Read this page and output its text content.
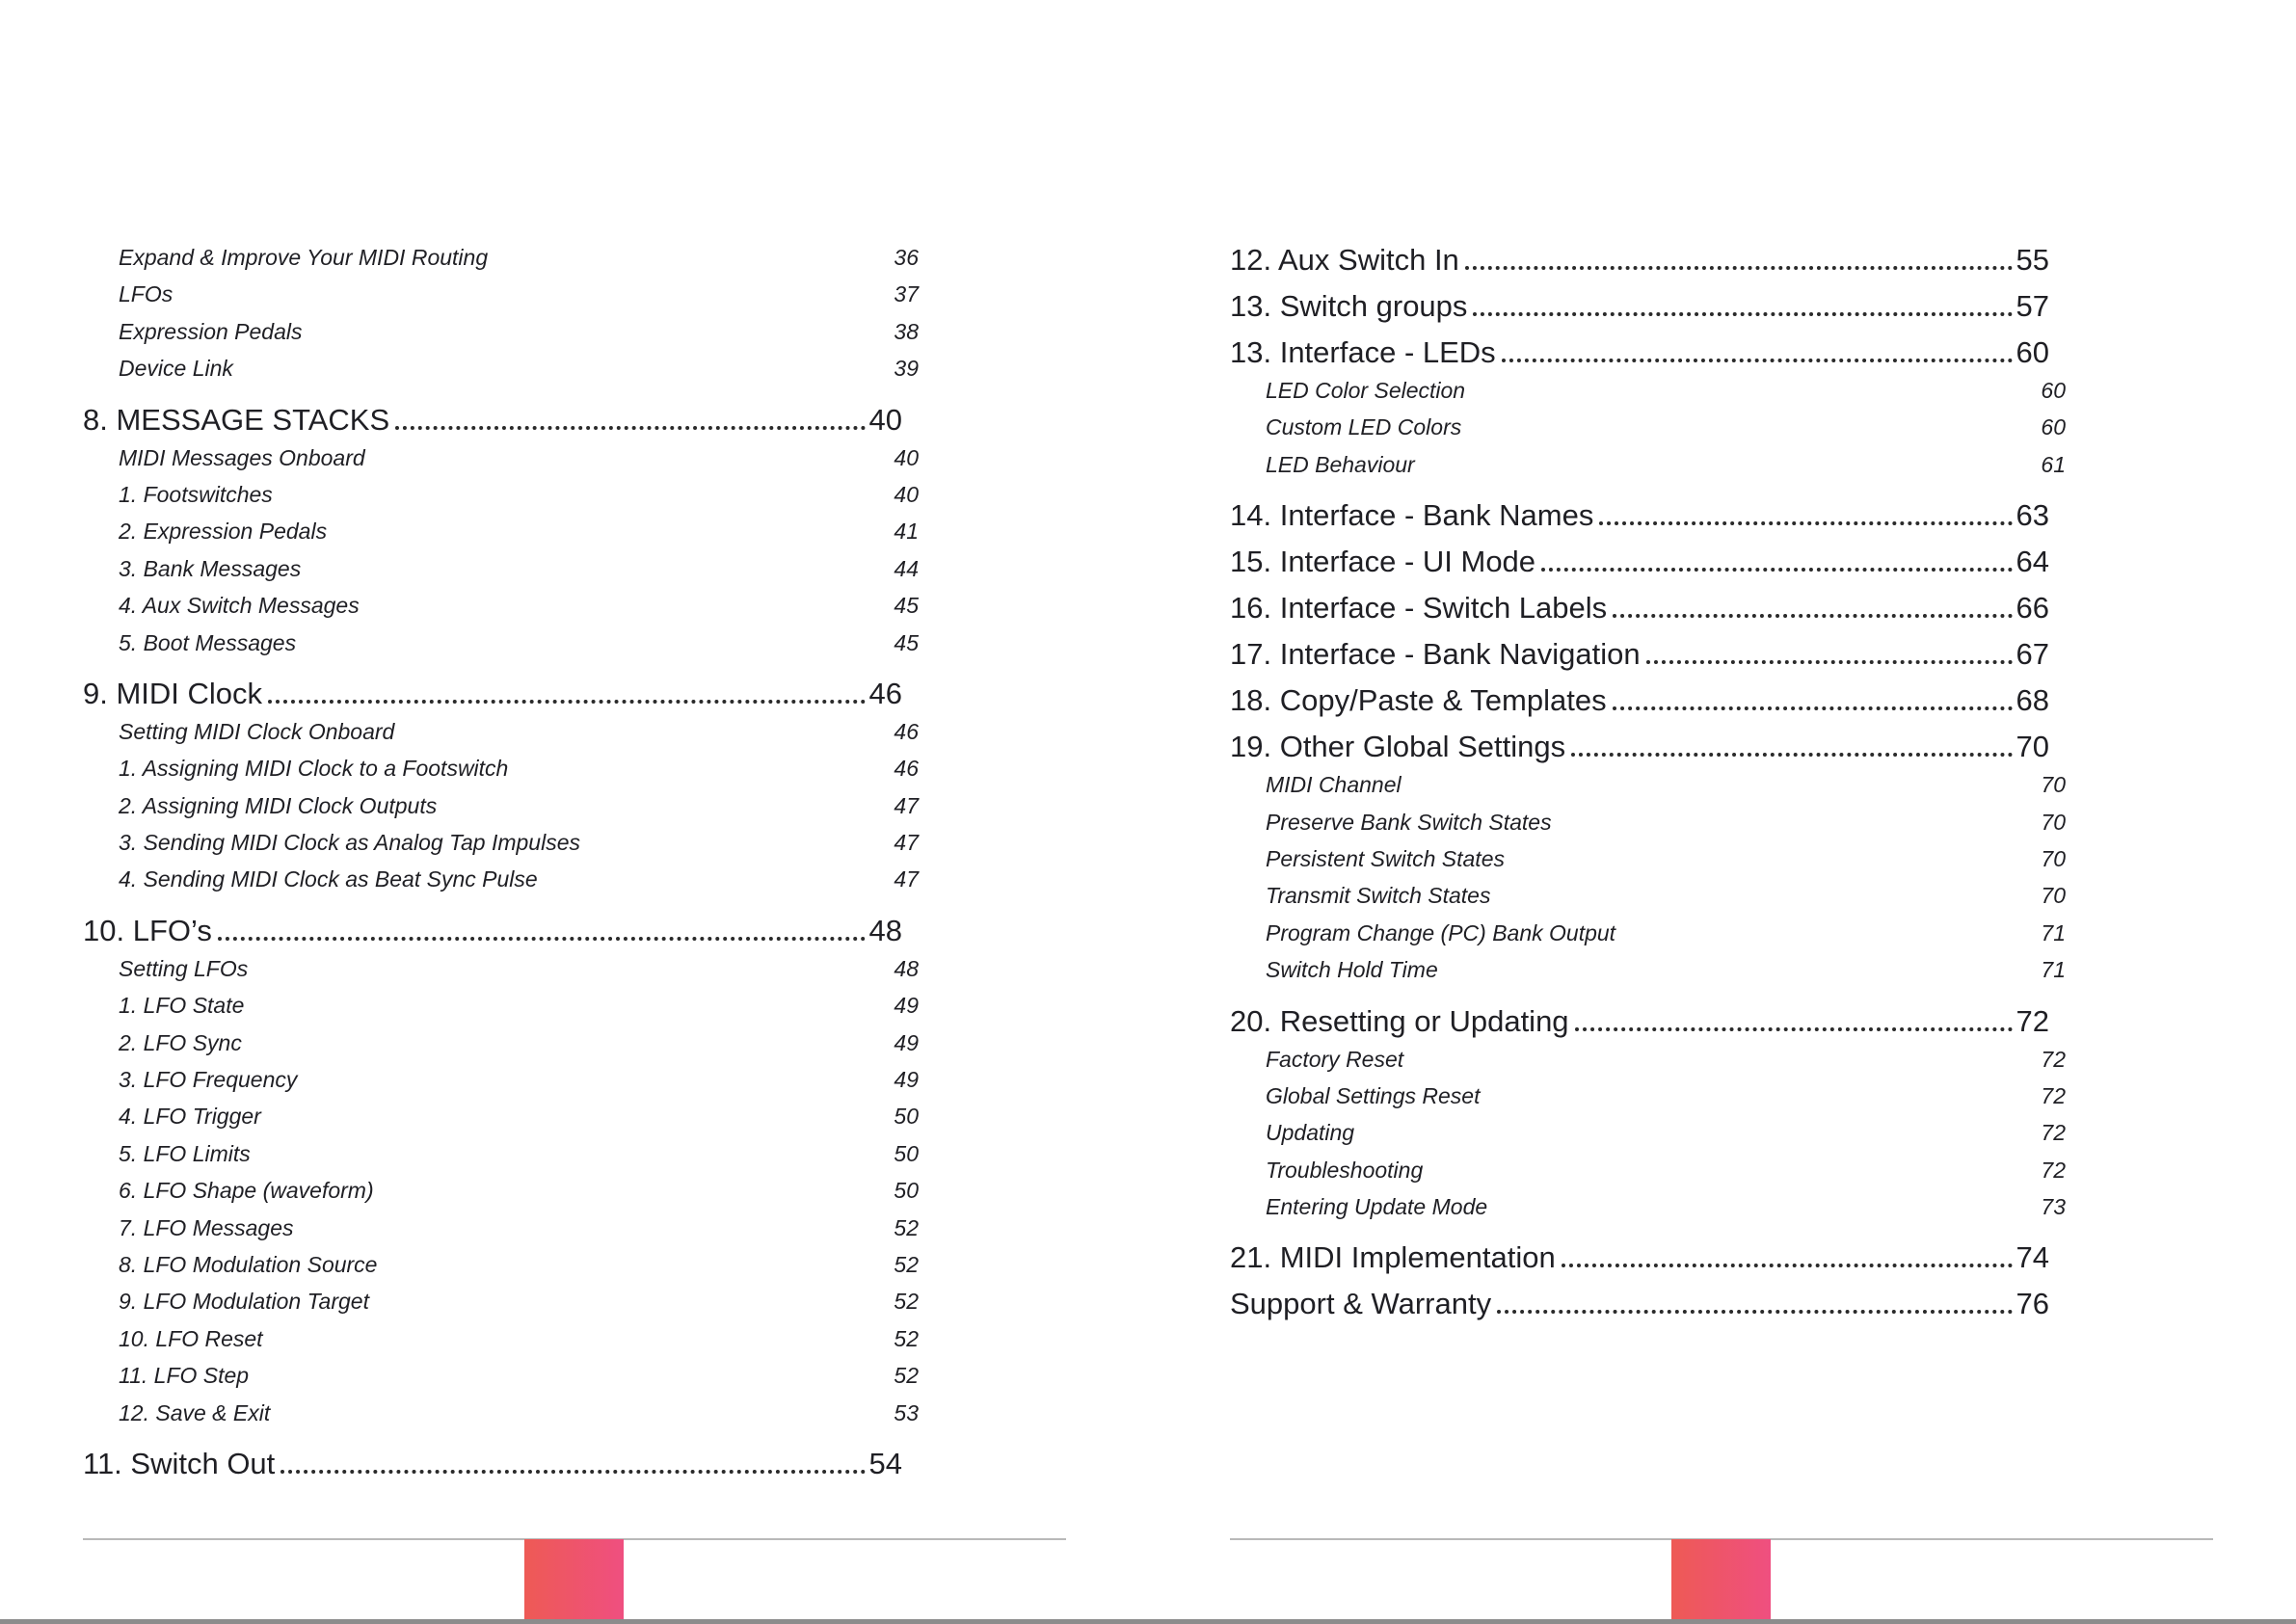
Expand & Improve Your MIDI Routing	36
LFOs	37
Expression Pedals	38
Device Link	39
8. MESSAGE STACKS	40
MIDI Messages Onboard	40
1. Footswitches	40
2. Expression Pedals	41
3. Bank Messages	44
4. Aux Switch Messages	45
5. Boot Messages	45
9. MIDI Clock	46
Setting MIDI Clock Onboard	46
1. Assigning MIDI Clock to a Footswitch	46
2. Assigning MIDI Clock Outputs	47
3. Sending MIDI Clock as Analog Tap Impulses	47
4. Sending MIDI Clock as Beat Sync Pulse	47
10. LFO’s	48
Setting LFOs	48
1. LFO State	49
2. LFO Sync	49
3. LFO Frequency	49
4. LFO Trigger	50
5. LFO Limits	50
6. LFO Shape (waveform)	50
7. LFO Messages	52
8. LFO Modulation Source	52
9. LFO Modulation Target	52
10. LFO Reset	52
11. LFO Step	52
12. Save & Exit	53
11. Switch Out	54
12. Aux Switch In	55
13. Switch groups	57
13. Interface - LEDs	60
LED Color Selection	60
Custom LED Colors	60
LED Behaviour	61
14. Interface - Bank Names	63
15. Interface - UI Mode	64
16. Interface - Switch Labels	66
17. Interface - Bank Navigation	67
18. Copy/Paste & Templates	68
19. Other Global Settings	70
MIDI Channel	70
Preserve Bank Switch States	70
Persistent Switch States	70
Transmit Switch States	70
Program Change (PC) Bank Output	71
Switch Hold Time	71
20. Resetting or Updating	72
Factory Reset	72
Global Settings Reset	72
Updating	72
Troubleshooting	72
Entering Update Mode	73
21. MIDI Implementation	74
Support & Warranty	76
